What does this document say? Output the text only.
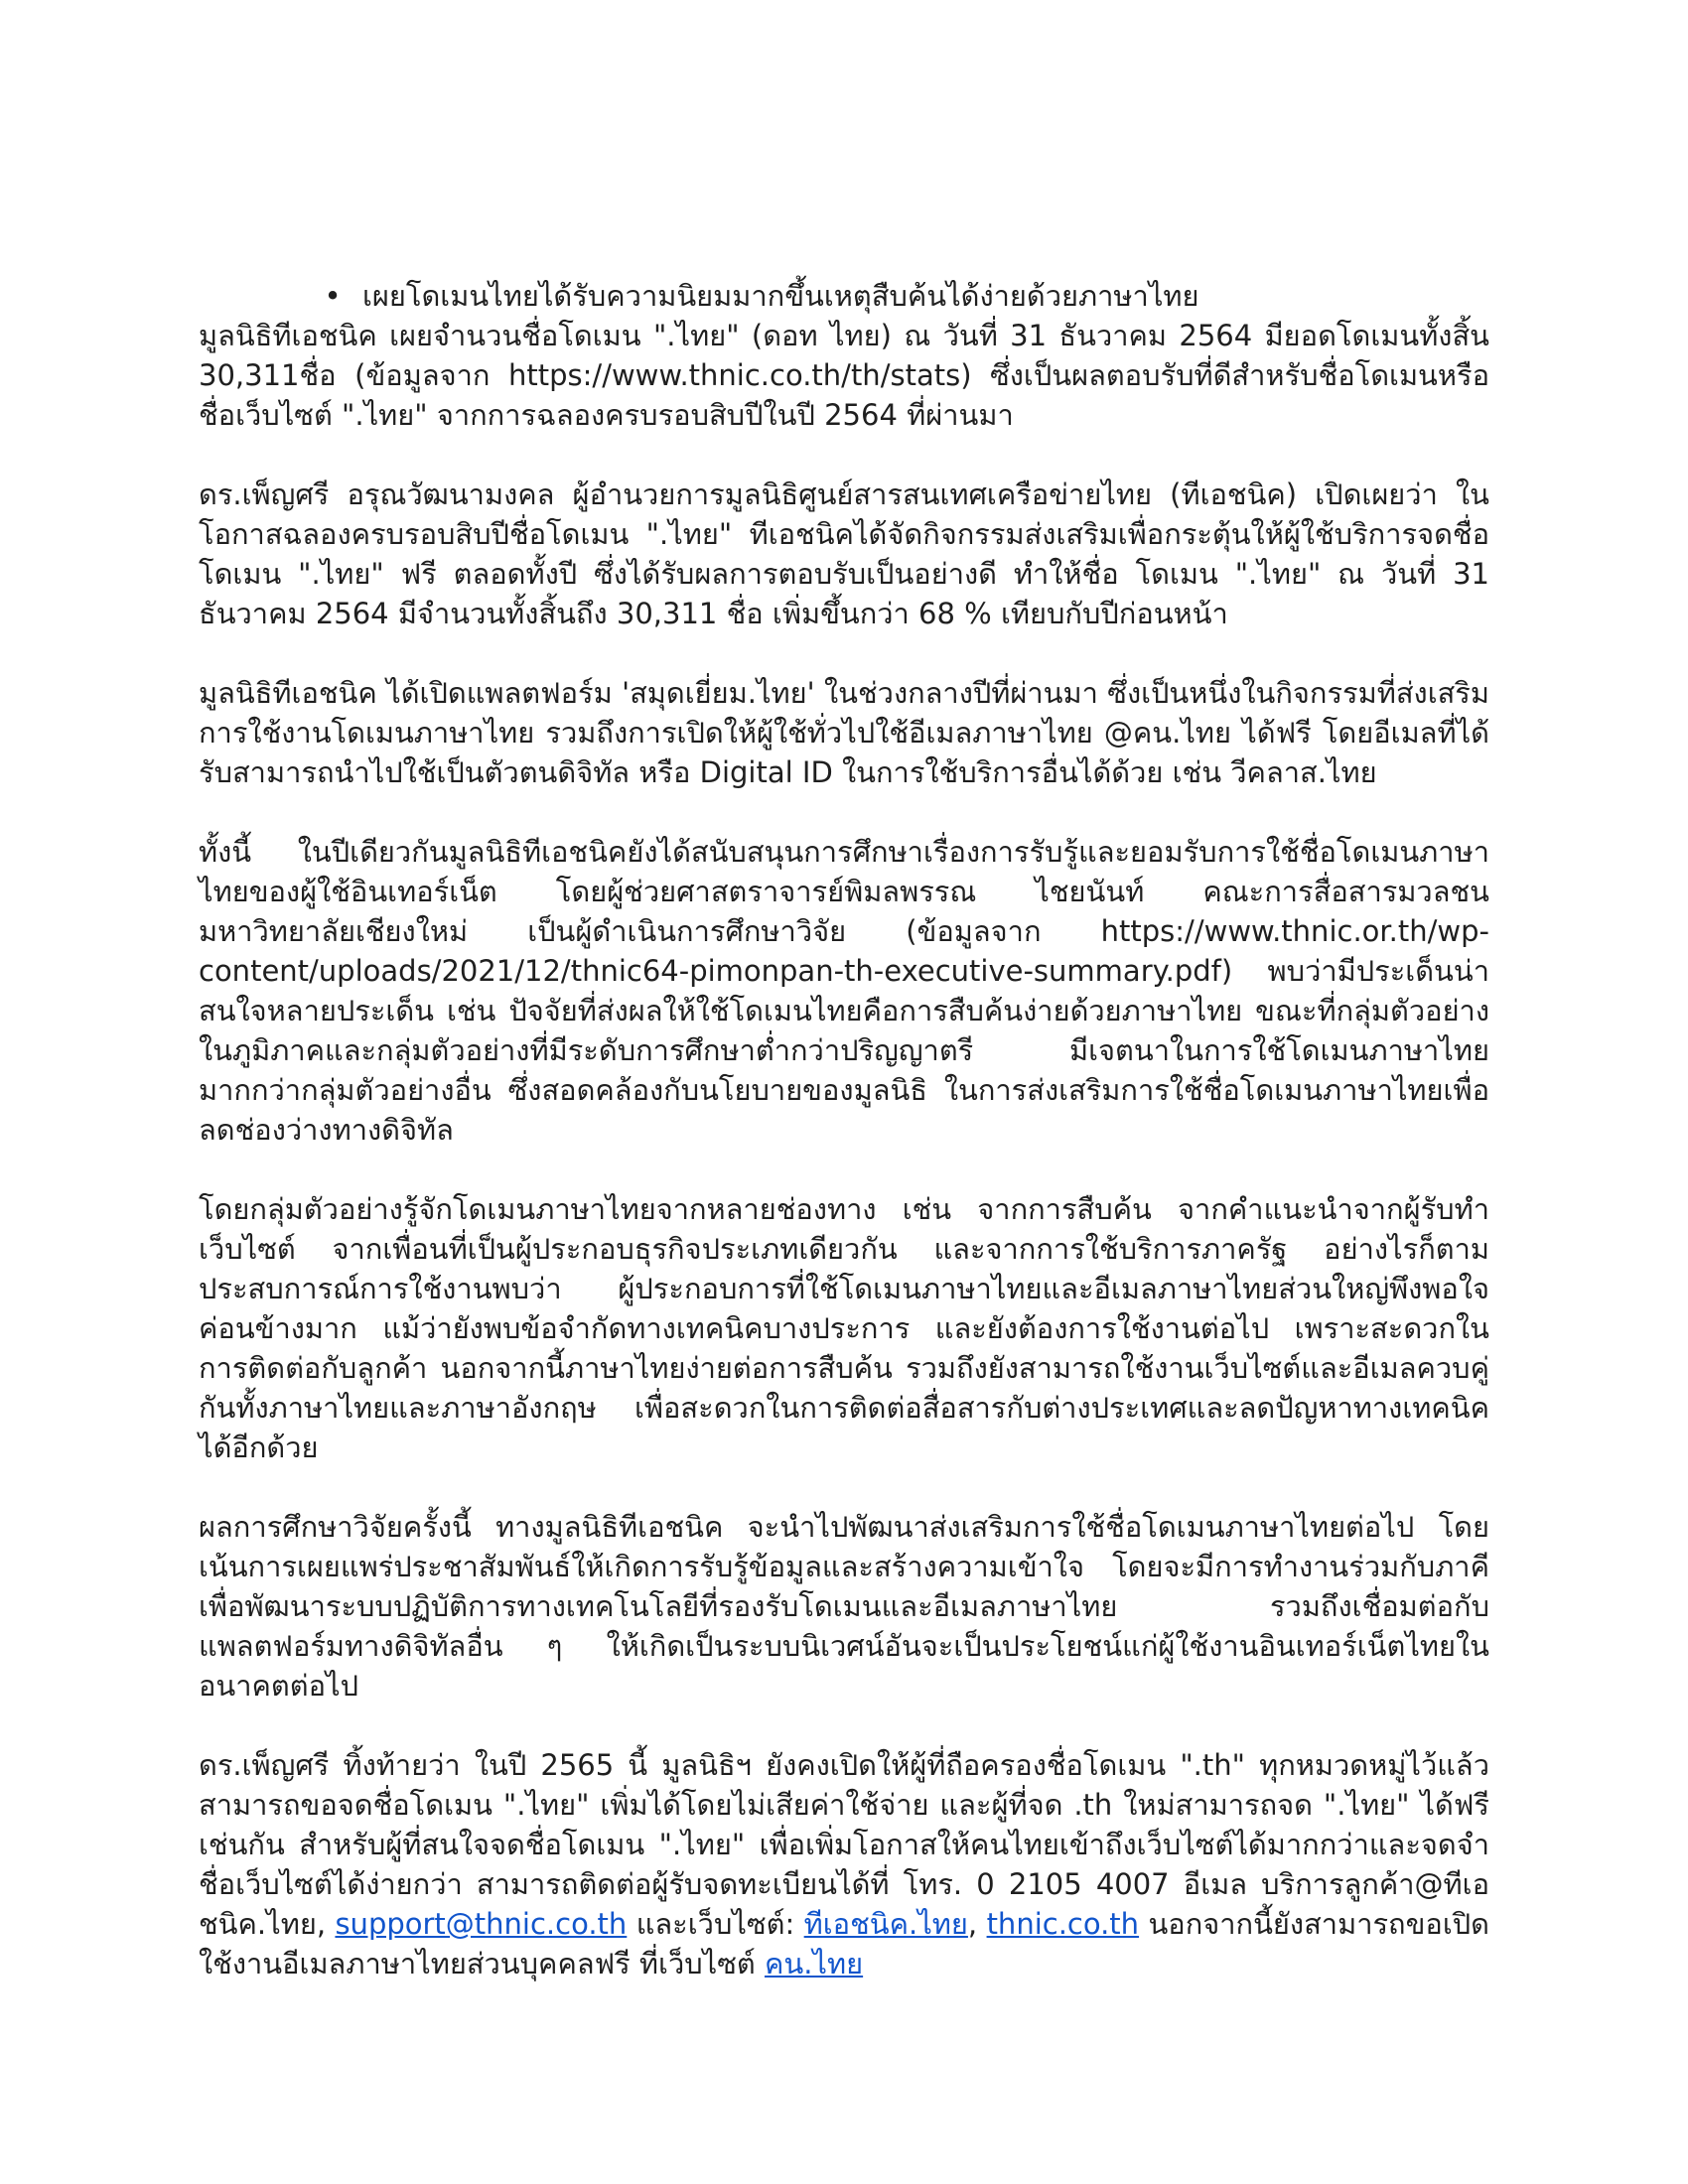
• เผยโดเมนไทยได้รับความนิยมมากขึ้นเหตุสืบค้นได้ง่ายด้วยภาษาไทย

มูลนิธิทีเอชนิค เผยจำนวนชื่อโดเมน ".ไทย" (ดอท ไทย) ณ วันที่ 31 ธันวาคม 2564 มียอดโดเมนทั้งสิ้น 30,311ชื่อ (ข้อมูลจาก https://www.thnic.co.th/th/stats) ซึ่งเป็นผลตอบรับที่ดีสำหรับชื่อโดเมนหรือชื่อเว็บไซต์ ".ไทย" จากการฉลองครบรอบสิบปีในปี 2564 ที่ผ่านมา

ดร.เพ็ญศรี อรุณวัฒนามงคล ผู้อำนวยการมูลนิธิศูนย์สารสนเทศเครือข่ายไทย (ทีเอชนิค) เปิดเผยว่า ในโอกาสฉลองครบรอบสิบปีชื่อโดเมน ".ไทย" ทีเอชนิคได้จัดกิจกรรมส่งเสริมเพื่อกระตุ้นให้ผู้ใช้บริการจดชื่อโดเมน ".ไทย" ฟรี ตลอดทั้งปี ซึ่งได้รับผลการตอบรับเป็นอย่างดี ทำให้ชื่อ โดเมน ".ไทย" ณ วันที่ 31 ธันวาคม 2564 มีจำนวนทั้งสิ้นถึง 30,311 ชื่อ เพิ่มขึ้นกว่า 68 % เทียบกับปีก่อนหน้า

มูลนิธิทีเอชนิค ได้เปิดแพลตฟอร์ม 'สมุดเยี่ยม.ไทย' ในช่วงกลางปีที่ผ่านมา ซึ่งเป็นหนึ่งในกิจกรรมที่ส่งเสริมการใช้งานโดเมนภาษาไทย รวมถึงการเปิดให้ผู้ใช้ทั่วไปใช้อีเมลภาษาไทย @คน.ไทย ได้ฟรี โดยอีเมลที่ได้รับสามารถนำไปใช้เป็นตัวตนดิจิทัล หรือ Digital ID ในการใช้บริการอื่นได้ด้วย เช่น วีคลาส.ไทย

ทั้งนี้ ในปีเดียวกันมูลนิธิทีเอชนิคยังได้สนับสนุนการศึกษาเรื่องการรับรู้และยอมรับการใช้ชื่อโดเมนภาษาไทยของผู้ใช้อินเทอร์เน็ต โดยผู้ช่วยศาสตราจารย์พิมลพรรณ ไชยนันท์ คณะการสื่อสารมวลชน มหาวิทยาลัยเชียงใหม่ เป็นผู้ดำเนินการศึกษาวิจัย (ข้อมูลจาก https://www.thnic.or.th/wp-content/uploads/2021/12/thnic64-pimonpan-th-executive-summary.pdf) พบว่ามีประเด็นน่าสนใจหลายประเด็น เช่น ปัจจัยที่ส่งผลให้ใช้โดเมนไทยคือการสืบค้นง่ายด้วยภาษาไทย ขณะที่กลุ่มตัวอย่างในภูมิภาคและกลุ่มตัวอย่างที่มีระดับการศึกษาต่ำกว่าปริญญาตรี มีเจตนาในการใช้โดเมนภาษาไทยมากกว่ากลุ่มตัวอย่างอื่น ซึ่งสอดคล้องกับนโยบายของมูลนิธิ ในการส่งเสริมการใช้ชื่อโดเมนภาษาไทยเพื่อลดช่องว่างทางดิจิทัล

โดยกลุ่มตัวอย่างรู้จักโดเมนภาษาไทยจากหลายช่องทาง เช่น จากการสืบค้น จากคำแนะนำจากผู้รับทำเว็บไซต์ จากเพื่อนที่เป็นผู้ประกอบธุรกิจประเภทเดียวกัน และจากการใช้บริการภาครัฐ อย่างไรก็ตามประสบการณ์การใช้งานพบว่า ผู้ประกอบการที่ใช้โดเมนภาษาไทยและอีเมลภาษาไทยส่วนใหญ่พึงพอใจค่อนข้างมาก แม้ว่ายังพบข้อจำกัดทางเทคนิคบางประการ และยังต้องการใช้งานต่อไป เพราะสะดวกในการติดต่อกับลูกค้า นอกจากนี้ภาษาไทยง่ายต่อการสืบค้น รวมถึงยังสามารถใช้งานเว็บไซต์และอีเมลควบคู่กันทั้งภาษาไทยและภาษาอังกฤษ เพื่อสะดวกในการติดต่อสื่อสารกับต่างประเทศและลดปัญหาทางเทคนิคได้อีกด้วย

ผลการศึกษาวิจัยครั้งนี้ ทางมูลนิธิทีเอชนิค จะนำไปพัฒนาส่งเสริมการใช้ชื่อโดเมนภาษาไทยต่อไป โดยเน้นการเผยแพร่ประชาสัมพันธ์ให้เกิดการรับรู้ข้อมูลและสร้างความเข้าใจ โดยจะมีการทำงานร่วมกับภาคีเพื่อพัฒนาระบบปฏิบัติการทางเทคโนโลยีที่รองรับโดเมนและอีเมลภาษาไทย รวมถึงเชื่อมต่อกับแพลตฟอร์มทางดิจิทัลอื่น ๆ ให้เกิดเป็นระบบนิเวศน์อันจะเป็นประโยชน์แก่ผู้ใช้งานอินเทอร์เน็ตไทยในอนาคตต่อไป

ดร.เพ็ญศรี ทิ้งท้ายว่า ในปี 2565 นี้ มูลนิธิฯ ยังคงเปิดให้ผู้ที่ถือครองชื่อโดเมน ".th" ทุกหมวดหมู่ไว้แล้ว สามารถขอจดชื่อโดเมน ".ไทย" เพิ่มได้โดยไม่เสียค่าใช้จ่าย และผู้ที่จด .th ใหม่สามารถจด ".ไทย" ได้ฟรีเช่นกัน สำหรับผู้ที่สนใจจดชื่อโดเมน ".ไทย" เพื่อเพิ่มโอกาสให้คนไทยเข้าถึงเว็บไซต์ได้มากกว่าและจดจำชื่อเว็บไซต์ได้ง่ายกว่า สามารถติดต่อผู้รับจดทะเบียนได้ที่ โทร. 0 2105 4007 อีเมล บริการลูกค้า@ทีเอชนิค.ไทย, support@thnic.co.th และเว็บไซต์: ทีเอชนิค.ไทย, thnic.co.th นอกจากนี้ยังสามารถขอเปิดใช้งานอีเมลภาษาไทยส่วนบุคคลฟรี ที่เว็บไซต์ คน.ไทย
